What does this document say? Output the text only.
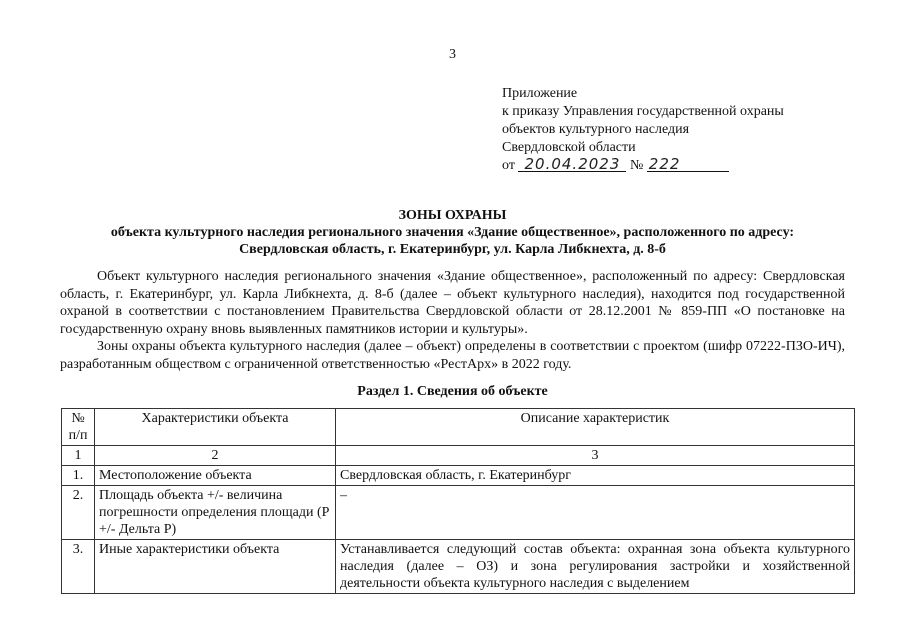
3
Приложение
к приказу Управления государственной охраны
объектов культурного наследия
Свердловской области
от 20.04.2023 № 222
ЗОНЫ ОХРАНЫ
объекта культурного наследия регионального значения «Здание общественное», расположенного по адресу:
Свердловская область, г. Екатеринбург, ул. Карла Либкнехта, д. 8-б

Объект культурного наследия регионального значения «Здание общественное», расположенный по адресу: Свердловская область, г. Екатеринбург, ул. Карла Либкнехта, д. 8-б (далее – объект культурного наследия), находится под государственной охраной в соответствии с постановлением Правительства Свердловской области от 28.12.2001 № 859-ПП «О постановке на государственную охрану вновь выявленных памятников истории и культуры».

Зоны охраны объекта культурного наследия (далее – объект) определены в соответствии с проектом (шифр 07222-ПЗО-ИЧ), разработанным обществом с ограниченной ответственностью «РестАрх» в 2022 году.

Раздел 1. Сведения об объекте
№ п/п	Характеристики объекта	Описание характеристик
1	2	3
1.	Местоположение объекта	Свердловская область, г. Екатеринбург
2.	Площадь объекта +/- величина погрешности определения площади (Р +/- Дельта Р)	–
3.	Иные характеристики объекта	Устанавливается следующий состав объекта: охранная зона объекта культурного наследия (далее – ОЗ) и зона регулирования застройки и хозяйственной деятельности объекта культурного наследия с выделением
